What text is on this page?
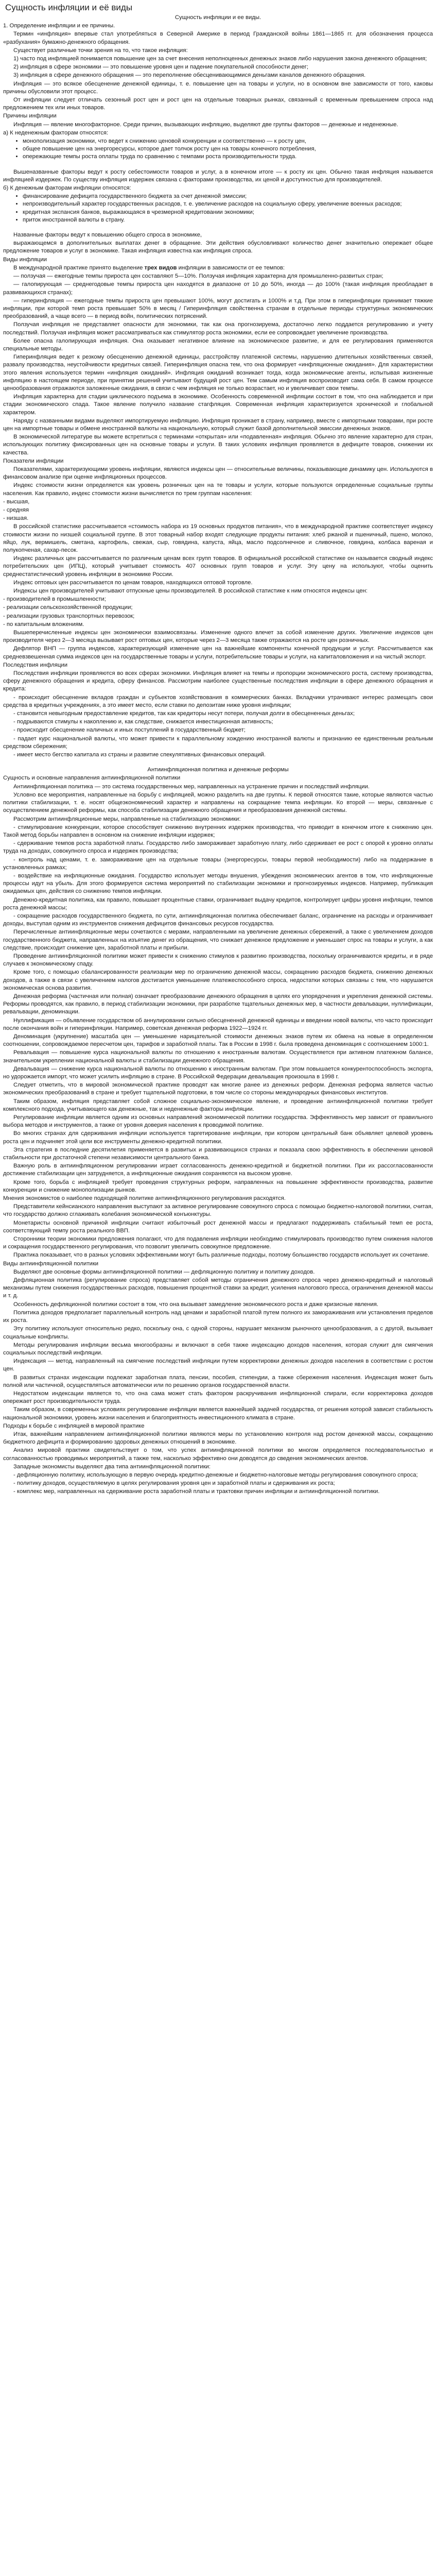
Сущность инфляции и её виды

Сущность инфляции и ее виды.

1. Определение инфляции и ее причины.

Термин «инфляция» впервые стал употребляться в Северной Америке в период Гражданской войны 1861—1865 гг. для обозначения процесса «разбухания» бумажно-денежного обращения.

Существует различные точки зрения на то, что такое инфляция:

1) часто под инфляцией понимается повышение цен за счет внесения неполноценных денежных знаков либо нарушения закона денежного обращения;

2) инфляция в сфере экономики — это повышение уровня цен и падение покупательной способности денег;

3) инфляция в сфере денежного обращения — это переполнение обесценивающимися деньгами каналов денежного обращения.

Инфляция — это всякое обесценение денежной единицы, т. е. повышение цен на товары и услуги, но в основном вне зависимости от того, каковы причины обусловили этот процесс.

От инфляции следует отличать сезонный рост цен и рост цен на отдельные товарных рынках, связанный с временным превышением спроса над предложением тех или иных товаров.

Причины инфляции

Инфляция — явление многофакторное. Среди причин, вызывающих инфляцию, выделяют две группы факторов — денежные и неденежные.

а) К неденежным факторам относятся:

• монополизация экономики, что ведет к снижению ценовой конкуренции и соответственно — к росту цен,
• общее повышение цен на энергоресурсы, которое дает толчок росту цен на товары конечного потребления,
• опережающие темпы роста оплаты труда по сравнению с темпами роста производительности труда.

Вышеназванные факторы ведут к росту себестоимости товаров и услуг, а в конечном итоге — к росту их цен. Обычно такая инфляция называется инфляцией издержек. По существу инфляция издержек связана с факторами производства, их ценой и доступностью для производителей.

б) К денежным факторам инфляции относятся:

• финансирование дефицита государственного бюджета за счет денежной эмиссии;
• непроизводительный характер государственных расходов, т. е. увеличение расходов на социальную сферу, увеличение военных расходов;
• кредитная экспансия банков, выражающаяся в чрезмерной кредитовании экономики;
• приток иностранной валюты в страну.

Названные факторы ведут к повышению общего спроса в экономике,

выражающемся в дополнительных выплатах денег в обращение. Эти действия обусловливают количество денег значительно опережает общее предложение товаров и услуг в экономике. Такая инфляция известна как инфляция спроса.

Виды инфляции

В международной практике принято выделение трех видов инфляции в зависимости от ее темпов:

— ползучая — ежегодные темпы прироста цен составляют 5—10%. Ползучая инфляция характерна для промышленно-развитых стран;

— галопирующая — среднегодовые темпы прироста цен находятся в диапазоне от 10 до 50%, иногда — до 100% (такая инфляция преобладает в развивающихся странах);

— гиперинфляция — ежегодные темпы прироста цен превышают 100%, могут достигать и 1000% и т.д. При этом в гиперинфляции принимает тяжкие инфляции, при которой темп роста превышает 50% в месяц / Гиперинфляция свойственна странам в отдельные периоды структурных экономических преобразований, а чаще всего — в период войн, политических потрясений.

Ползучая инфляция не представляет опасности для экономики, так как она прогнозируема, достаточно легко поддается регулированию и учету последствий. Ползучая инфляция может рассматриваться как стимулятор роста экономики, если ее сопровождает увеличение производства.

Более опасна галопирующая инфляция. Она оказывает негативное влияние на экономическое развитие, и для ее регулирования применяются специальные методы.

Гиперинфляция ведет к резкому обесценению денежной единицы, расстройству платежной системы, нарушению длительных хозяйственных связей, развалу производства, неустойчивости кредитных связей. Гиперинфляция опасна тем, что она формирует «инфляционные ожидания». Для характеристики этого явления используется термин «инфляция ожиданий». Инфляция ожиданий возникает тогда, когда экономические агенты, испытывая жизненные инфляцию в настоящем периоде, при принятии решений учитывают будущий рост цен. Тем самым инфляция воспроизводит сама себя. В самом процессе ценообразования отражаются заложенные ожидания, в связи с чем инфляция не только возрастает, но и увеличивает свои темпы.

Инфляция характерна для стадии циклического подъема в экономике. Особенность современной инфляции состоит в том, что она наблюдается и при стадии экономического спада. Такое явление получило название стагфляция. Современная инфляция характеризуется хронической и глобальной характером.

Наряду с названными видами выделяют импортируемую инфляцию. Инфляция проникает в страну, например, вместе с импортными товарами, при росте цен на импортные товары и обмене иностранной валюты на национальную, который служит базой дополнительной эмиссии денежных знаков.

В экономической литературе вы можете встретиться с терминами «открытая» или «подавленная» инфляция. Обычно это явление характерно для стран, использующих политику фиксированных цен на основные товары и услуги. В таких условиях инфляция проявляется в дефиците товаров, снижении их качества.

Показатели инфляции

Показателями, характеризующими уровень инфляции, являются индексы цен — относительные величины, показывающие динамику цен. Используются в финансовом анализе при оценке инфляционных процессов.

Индекс стоимости жизни определяется как уровень розничных цен на те товары и услуги, которые пользуются определенные социальные группы населения. Как правило, индекс стоимости жизни вычисляется по трем группам населения:

- высшая,

- средняя

- низшая.

В российской статистике рассчитывается «стоимость набора из 19 основных продуктов питания», что в международной практике соответствует индексу стоимости жизни по низшей социальной группе. В этот товарный набор входят следующие продукты питания: хлеб ржаной и пшеничный, пшено, молоко, яйцо, лук, вермишель, сметана, картофель, свежая, сыр, говядина, капуста, яйца, масло подсолнечное и сливочное, говядина, колбаса вареная и полукопченая, сахар-песок.

Индекс различных цен рассчитывается по различным ценам всех групп товаров. В официальной российской статистике он называется сводный индекс потребительских цен (ИПЦ), который учитывает стоимость 407 основных групп товаров и услуг. Эту цену на используют, чтобы оценить среднестатистический уровень инфляции в экономике России.

Индекс оптовых цен рассчитывается по ценам товаров, находящихся оптовой торговле.

Индексы цен производителей учитывают отпускные цены производителей. В российской статистике к ним относятся индексы цен:

- производителей в промышленности;

- реализации сельскохозяйственной продукции;

- реализации грузовых транспортных перевозок;

- по капитальным вложениям.

Вышеперечисленные индексы цен экономически взаимосвязаны. Изменение одного влечет за собой изменение других. Увеличение индексов цен производителя через 2—3 месяца вызывает рост оптовых цен, которые через 2—3 месяца также отражаются на росте цен розничных.

Дефлятор ВНП — группа индексов, характеризующий изменение цен на важнейшие компоненты конечной продукции и услуг. Рассчитывается как средневзвешенная сумма индексов цен на государственные товары и услуги, потребительские товары и услуги, на капиталовложения и на чистый экспорт.

Последствия инфляции

Последствия инфляции проявляются во всех сферах экономики. Инфляция влияет на темпы и пропорции экономического роста, систему производства, сферу денежного обращения и кредита, сферу финансов. Рассмотрим наиболее существенные последствия инфляции в сфере денежного обращения и кредита:

- происходит обесценение вкладов граждан и субъектов хозяйствования в коммерческих банках. Вкладчики утрачивают интерес размещать свои средства в кредитных учреждениях, а это имеет место, если ставки по депозитам ниже уровня инфляции;

- становится невыгодным предоставление кредитов, так как кредиторы несут потери, получая долги в обесцененных деньгах;

- подрываются стимулы к накоплению и, как следствие, снижается инвестиционная активность;

- происходит обесценение наличных и иных поступлений в государственный бюджет;

- падает курс национальной валюты, что может привести к параллельному хождению иностранной валюты и признанию ее единственным реальным средством сбережения;

- имеет место бегство капитала из страны и развитие спекулятивных финансовых операций.

Антиинфляционная политика и денежные реформы

Сущность и основные направления антиинфляционной политики

Антиинфляционная политика — это система государственных мер, направленных на устранение причин и последствий инфляции.

Условно все мероприятия, направленные на борьбу с инфляцией, можно разделить на две группы. К первой относятся такие, которые являются частью политики стабилизации, т. е. носят общеэкономический характер и направлены на сокращение темпа инфляции. Ко второй — меры, связанные с осуществлением денежной реформы, как способа стабилизации денежного обращения и преобразования денежной системы.

Рассмотрим антиинфляционные меры, направленные на стабилизацию экономики:

- стимулирование конкуренции, которое способствует снижению внутренних издержек производства, что приводит в конечном итоге к снижению цен. Такой метод борьбы направлен в основном на снижение инфляции издержек;

- сдерживание темпов роста заработной платы. Государство либо замораживает заработную плату, либо сдерживает ее рост с опорой к уровню оплаты труда на доходах, совокупного спроса и издержек производства;

- контроль над ценами, т. е. замораживание цен на отдельные товары (энергоресурсы, товары первой необходимости) либо на поддержание в установленных рамках;

- воздействие на инфляционные ожидания. Государство использует методы внушения, убеждения экономических агентов в том, что инфляционные процессы идут на убыль. Для этого формируется система мероприятий по стабилизации экономики и прогнозируемых индексов. Например, публикация ожидаемых цен, действия со снижению темпов инфляции.

Денежно-кредитная политика, как правило, повышает процентные ставки, ограничивает выдачу кредитов, контролирует цифры уровня инфляции, темпов роста денежной массы;

- сокращение расходов государственного бюджета, по сути, антиинфляционная политика обеспечивает баланс, ограничение на расходы и ограничивает доходы, выступая одним из инструментов снижения дефицитов финансовых ресурсов государства.

Перечисленные антиинфляционные меры сочетаются с мерами, направленными на увеличение денежных сбережений, а также с увеличением доходов государственного бюджета, направленных на изъятие денег из обращения, что снижает денежное предложение и уменьшает спрос на товары и услуги, а как следствие, происходит снижение цен, заработной платы и прибыли.

Проведение антиинфляционной политики может привести к снижению стимулов к развитию производства, поскольку ограничиваются кредиты, и в ряде случаев к экономическому спаду.

Кроме того, с помощью сбалансированности реализации мер по ограничению денежной массы, сокращению расходов бюджета, снижению денежных доходов, а также в связи с увеличением налогов достигается уменьшение платежеспособного спроса, недостатки которых связаны с тем, что нарушается экономическая основа развития.

Денежная реформа (частичная или полная) означает преобразование денежного обращения в целях его упорядочения и укрепления денежной системы. Реформы проводятся, как правило, в период стабилизации экономики, при разработке тщательных денежных мер, в частности девальвации, нуллификации, ревальвации, деноминации.

Нуллификация — объявление государством об аннулировании сильно обесцененной денежной единицы и введении новой валюты, что часто происходит после окончания войн и гиперинфляции. Например, советская денежная реформа 1922—1924 гг.

Деноминация (укрупнение) масштаба цен — уменьшение нарицательной стоимости денежных знаков путем их обмена на новые в определенном соотношении, сопровождаемое пересчетом цен, тарифов и заработной платы. Так в России в 1998 г. была проведена деноминация с соотношением 1000:1.

Ревальвация — повышение курса национальной валюты по отношению к иностранным валютам. Осуществляется при активном платежном балансе, значительном укреплении национальной валюты и стабилизации денежного обращения.

Девальвация — снижение курса национальной валюты по отношению к иностранным валютам. При этом повышается конкурентоспособность экспорта, но удорожается импорт, что может усилить инфляцию в стране. В Российской Федерации девальвация произошла в 1998 г.

Следует отметить, что в мировой экономической практике проводят как многие ранее из денежных реформ. Денежная реформа является частью экономических преобразований в стране и требует тщательной подготовки, в том числе со стороны международных финансовых институтов.

Таким образом, инфляция представляет собой сложное социально-экономическое явление, и проведение антиинфляционной политики требует комплексного подхода, учитывающего как денежные, так и неденежные факторы инфляции.

Регулирование инфляции является одним из основных направлений экономической политики государства. Эффективность мер зависит от правильного выбора методов и инструментов, а также от уровня доверия населения к проводимой политике.

Во многих странах для сдерживания инфляции используется таргетирование инфляции, при котором центральный банк объявляет целевой уровень роста цен и подчиняет этой цели все инструменты денежно-кредитной политики.

Эта стратегия в последние десятилетия применяется в развитых и развивающихся странах и показала свою эффективность в обеспечении ценовой стабильности при достаточной степени независимости центрального банка.

Важную роль в антиинфляционном регулировании играет согласованность денежно-кредитной и бюджетной политики. При их рассогласованности достижение стабилизации цен затрудняется, а инфляционные ожидания сохраняются на высоком уровне.

Кроме того, борьба с инфляцией требует проведения структурных реформ, направленных на повышение эффективности производства, развитие конкуренции и снижение монополизации рынков.

Мнения экономистов о наиболее подходящей политике антиинфляционного регулирования расходятся.

Представители кейнсианского направления выступают за активное регулирование совокупного спроса с помощью бюджетно-налоговой политики, считая, что государство должно сглаживать колебания экономической конъюнктуры.

Монетаристы основной причиной инфляции считают избыточный рост денежной массы и предлагают поддерживать стабильный темп ее роста, соответствующий темпу роста реального ВВП.

Сторонники теории экономики предложения полагают, что для подавления инфляции необходимо стимулировать производство путем снижения налогов и сокращения государственного регулирования, что позволит увеличить совокупное предложение.

Практика показывает, что в разных условиях эффективными могут быть различные подходы, поэтому большинство государств использует их сочетание.

Виды антиинфляционной политики

Выделяют две основные формы антиинфляционной политики — дефляционную политику и политику доходов.

Дефляционная политика (регулирование спроса) представляет собой методы ограничения денежного спроса через денежно-кредитный и налоговый механизмы путем снижения государственных расходов, повышения процентной ставки за кредит, усиления налогового пресса, ограничения денежной массы и т. д.

Особенность дефляционной политики состоит в том, что она вызывает замедление экономического роста и даже кризисные явления.

Политика доходов предполагает параллельный контроль над ценами и заработной платой путем полного их замораживания или установления пределов их роста.

Эту политику используют относительно редко, поскольку она, с одной стороны, нарушает механизм рыночного ценообразования, а с другой, вызывает социальные конфликты.

Методы регулирования инфляции весьма многообразны и включают в себя также индексацию доходов населения, которая служит для смягчения социальных последствий инфляции.

Индексация — метод, направленный на смягчение последствий инфляции путем корректировки денежных доходов населения в соответствии с ростом цен.

В развитых странах индексации подлежат заработная плата, пенсии, пособия, стипендии, а также сбережения населения. Индексация может быть полной или частичной, осуществляться автоматически или по решению органов государственной власти.

Недостатком индексации является то, что она сама может стать фактором раскручивания инфляционной спирали, если корректировка доходов опережает рост производительности труда.

Таким образом, в современных условиях регулирование инфляции является важнейшей задачей государства, от решения которой зависит стабильность национальной экономики, уровень жизни населения и благоприятность инвестиционного климата в стране.

Подходы к борьбе с инфляцией в мировой практике

Итак, важнейшим направлением антиинфляционной политики являются меры по установлению контроля над ростом денежной массы, сокращению бюджетного дефицита и формированию здоровых денежных отношений в экономике.

Анализ мировой практики свидетельствует о том, что успех антиинфляционной политики во многом определяется последовательностью и согласованностью проводимых мероприятий, а также тем, насколько эффективно они доводятся до сведения экономических агентов.

Западные экономисты выделяют два типа антиинфляционной политики:

- дефляционную политику, использующую в первую очередь кредитно-денежные и бюджетно-налоговые методы регулирования совокупного спроса;

- политику доходов, осуществляемую в целях регулирования уровня цен и заработной платы и сдерживания их роста;

- комплекс мер, направленных на сдерживание роста заработной платы и трактовки причин инфляции и антиинфляционной политики.
